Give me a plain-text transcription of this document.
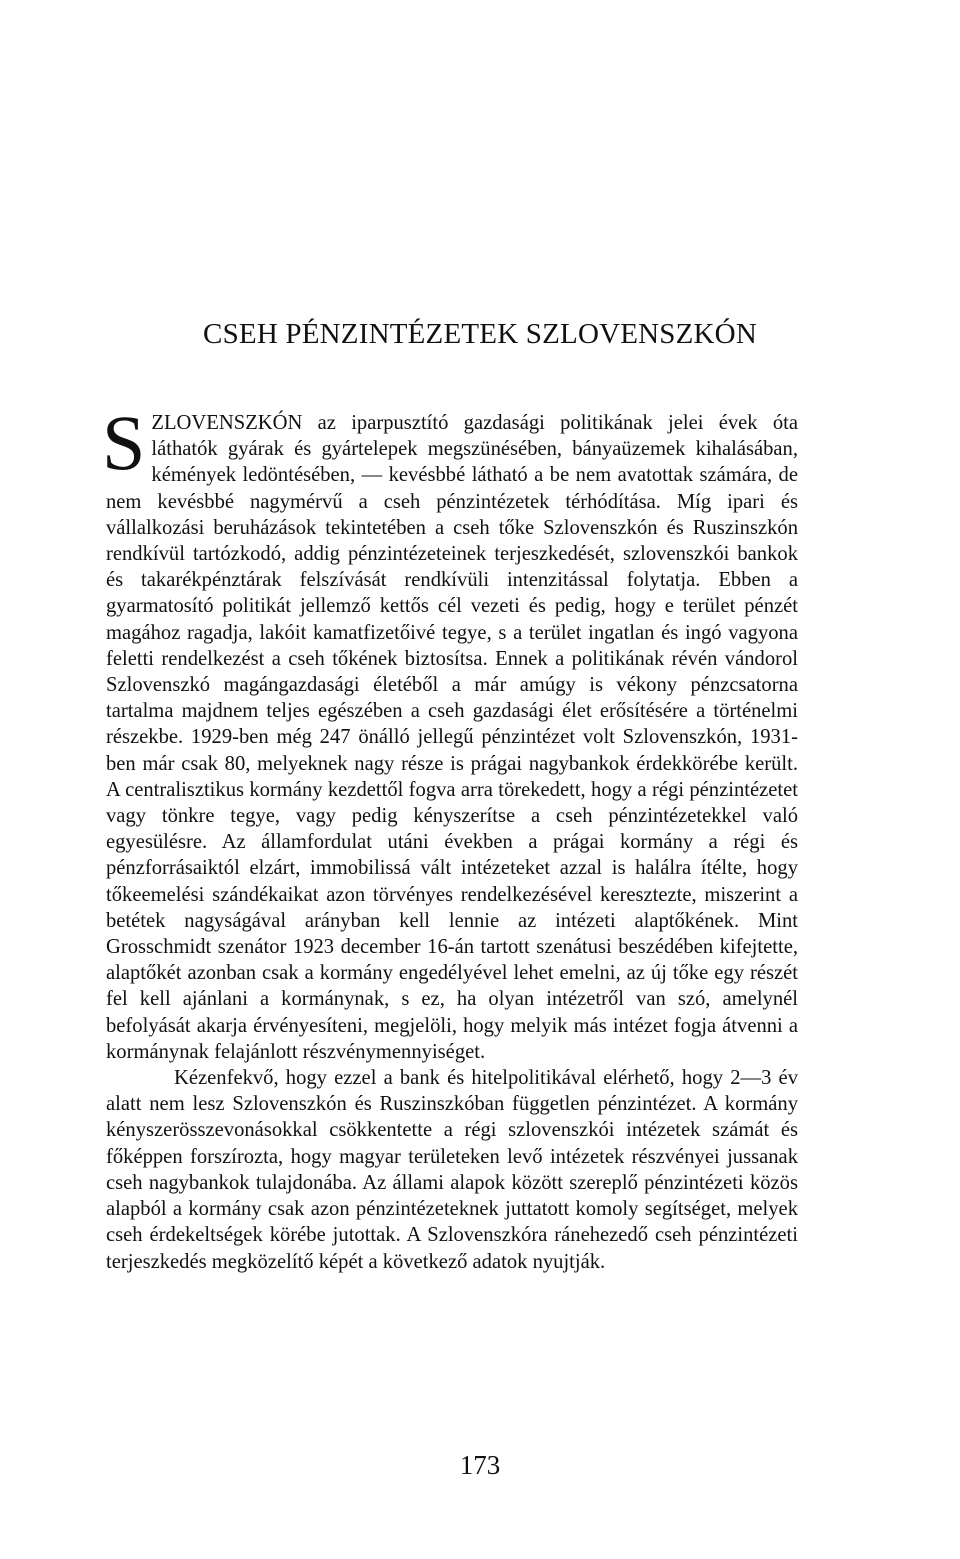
CSEH PÉNZINTÉZETEK SZLOVENSZKÓN

SZLOVENSZKÓN az iparpusztító gazdasági politikának jelei évek óta láthatók gyárak és gyártelepek megszünésében, bányaüzemek kihalásában, kémények ledöntésében, — kevésbbé látható a be nem avatottak számára, de nem kevésbbé nagymérvű a cseh pénzintézetek térhódítása. Míg ipari és vállalkozási beruházások tekintetében a cseh tőke Szlovenszkón és Ruszinszkón rendkívül tartózkodó, addig pénzintézeteinek terjeszkedését, szlovenszkói bankok és takarékpénztárak felszívását rendkívüli intenzitással folytatja. Ebben a gyarmatosító politikát jellemző kettős cél vezeti és pedig, hogy e terület pénzét magához ragadja, lakóit kamatfizetőivé tegye, s a terület ingatlan és ingó vagyona feletti rendelkezést a cseh tőkének biztosítsa. Ennek a politikának révén vándorol Szlovenszkó magángazdasági életéből a már amúgy is vékony pénzcsatorna tartalma majdnem teljes egészében a cseh gazdasági élet erősítésére a történelmi részekbe. 1929-ben még 247 önálló jellegű pénzintézet volt Szlovenszkón, 1931-ben már csak 80, melyeknek nagy része is prágai nagybankok érdekkörébe került. A centralisztikus kormány kezdettől fogva arra törekedett, hogy a régi pénzintézetet vagy tönkre tegye, vagy pedig kényszerítse a cseh pénzintézetekkel való egyesülésre. Az államfordulat utáni években a prágai kormány a régi és pénzforrásaiktól elzárt, immobilissá vált intézeteket azzal is halálra ítélte, hogy tőkeemelési szándékaikat azon törvényes rendelkezésével keresztezte, miszerint a betétek nagyságával arányban kell lennie az intézeti alaptőkének. Mint Grosschmidt szenátor 1923 december 16-án tartott szenátusi beszédében kifejtette, alaptőkét azonban csak a kormány engedélyével lehet emelni, az új tőke egy részét fel kell ajánlani a kormánynak, s ez, ha olyan intézetről van szó, amelynél befolyását akarja érvényesíteni, megjelöli, hogy melyik más intézet fogja átvenni a kormánynak felajánlott részvénymennyiséget.

Kézenfekvő, hogy ezzel a bank és hitelpolitikával elérhető, hogy 2—3 év alatt nem lesz Szlovenszkón és Ruszinszkóban független pénzintézet. A kormány kényszerösszevonásokkal csökkentette a régi szlovenszkói intézetek számát és főképpen forszírozta, hogy magyar területeken levő intézetek részvényei jussanak cseh nagybankok tulajdonába. Az állami alapok között szereplő pénzintézeti közös alapból a kormány csak azon pénzintézeteknek juttatott komoly segítséget, melyek cseh érdekeltségek körébe jutottak. A Szlovenszkóra ránehezedő cseh pénzintézeti terjeszkedés megközelítő képét a következő adatok nyujtják.

173
